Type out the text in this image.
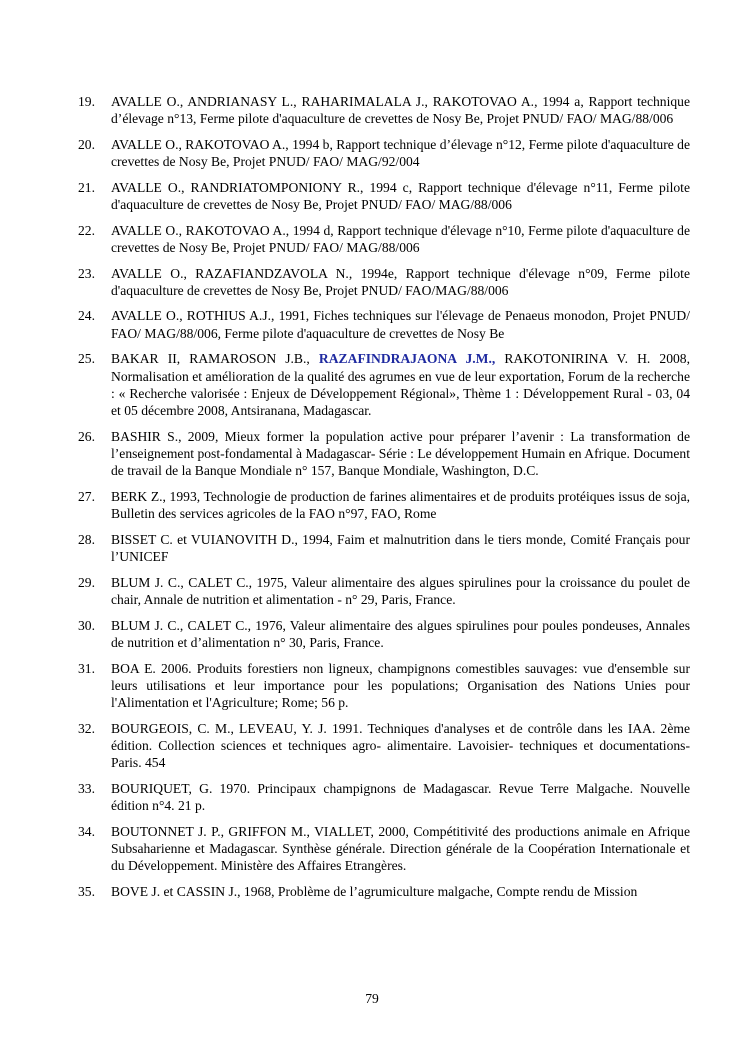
19.	AVALLE O., ANDRIANASY L., RAHARIMALALA J., RAKOTOVAO A., 1994 a, Rapport technique d’élevage n°13, Ferme pilote d'aquaculture de crevettes de Nosy Be, Projet PNUD/ FAO/ MAG/88/006
20.	AVALLE O., RAKOTOVAO A., 1994 b, Rapport technique d’élevage n°12, Ferme pilote d'aquaculture de crevettes de Nosy Be, Projet PNUD/ FAO/ MAG/92/004
21.	AVALLE O., RANDRIATOMPONIONY R., 1994 c, Rapport technique d'élevage n°11, Ferme pilote d'aquaculture de crevettes de Nosy Be, Projet PNUD/ FAO/ MAG/88/006
22.	AVALLE O., RAKOTOVAO A., 1994 d, Rapport technique d'élevage n°10, Ferme pilote d'aquaculture de crevettes de Nosy Be, Projet PNUD/ FAO/ MAG/88/006
23.	AVALLE O., RAZAFIANDZAVOLA N., 1994e, Rapport technique d'élevage n°09, Ferme pilote d'aquaculture de crevettes de Nosy Be, Projet PNUD/ FAO/MAG/88/006
24.	AVALLE O., ROTHIUS A.J., 1991, Fiches techniques sur l'élevage de Penaeus monodon, Projet PNUD/ FAO/ MAG/88/006, Ferme pilote d'aquaculture de crevettes de Nosy Be
25.	BAKAR II, RAMAROSON J.B., RAZAFINDRAJAONA J.M., RAKOTONIRINA V. H. 2008, Normalisation et amélioration de la qualité des agrumes en vue de leur exportation, Forum de la recherche : « Recherche valorisée : Enjeux de Développement Régional», Thème 1 : Développement Rural - 03, 04 et 05 décembre 2008, Antsiranana, Madagascar.
26.	BASHIR S., 2009, Mieux former la population active pour préparer l’avenir : La transformation de l’enseignement post-fondamental à Madagascar- Série : Le développement Humain en Afrique. Document de travail de la Banque Mondiale n° 157, Banque Mondiale, Washington, D.C.
27.	BERK Z., 1993, Technologie de production de farines alimentaires et de produits protéiques issus de soja, Bulletin des services agricoles de la FAO n°97, FAO, Rome
28.	BISSET C. et VUIANOVITH D., 1994, Faim et malnutrition dans le tiers monde, Comité Français pour l’UNICEF
29.	BLUM J. C., CALET C., 1975, Valeur alimentaire des algues spirulines pour la croissance du poulet de chair, Annale de nutrition et alimentation - n° 29, Paris, France.
30.	BLUM J. C., CALET C., 1976, Valeur alimentaire des algues spirulines pour poules pondeuses, Annales de nutrition et d’alimentation n° 30, Paris, France.
31.	BOA E. 2006. Produits forestiers non ligneux, champignons comestibles sauvages: vue d'ensemble sur leurs utilisations et leur importance pour les populations; Organisation des Nations Unies pour l'Alimentation et l'Agriculture; Rome; 56 p.
32.	BOURGEOIS, C. M., LEVEAU, Y. J. 1991. Techniques d'analyses et de contrôle dans les IAA. 2ème édition. Collection sciences et techniques agro- alimentaire. Lavoisier- techniques et documentations- Paris. 454
33.	BOURIQUET, G. 1970. Principaux champignons de Madagascar. Revue Terre Malgache. Nouvelle édition n°4. 21 p.
34.	BOUTONNET J. P., GRIFFON M., VIALLET, 2000, Compétitivité des productions animale en Afrique Subsaharienne et Madagascar. Synthèse générale. Direction générale de la Coopération Internationale et du Développement. Ministère des Affaires Etrangères.
35.	BOVE J. et CASSIN J., 1968, Problème de l’agrumiculture malgache, Compte rendu de Mission
79
